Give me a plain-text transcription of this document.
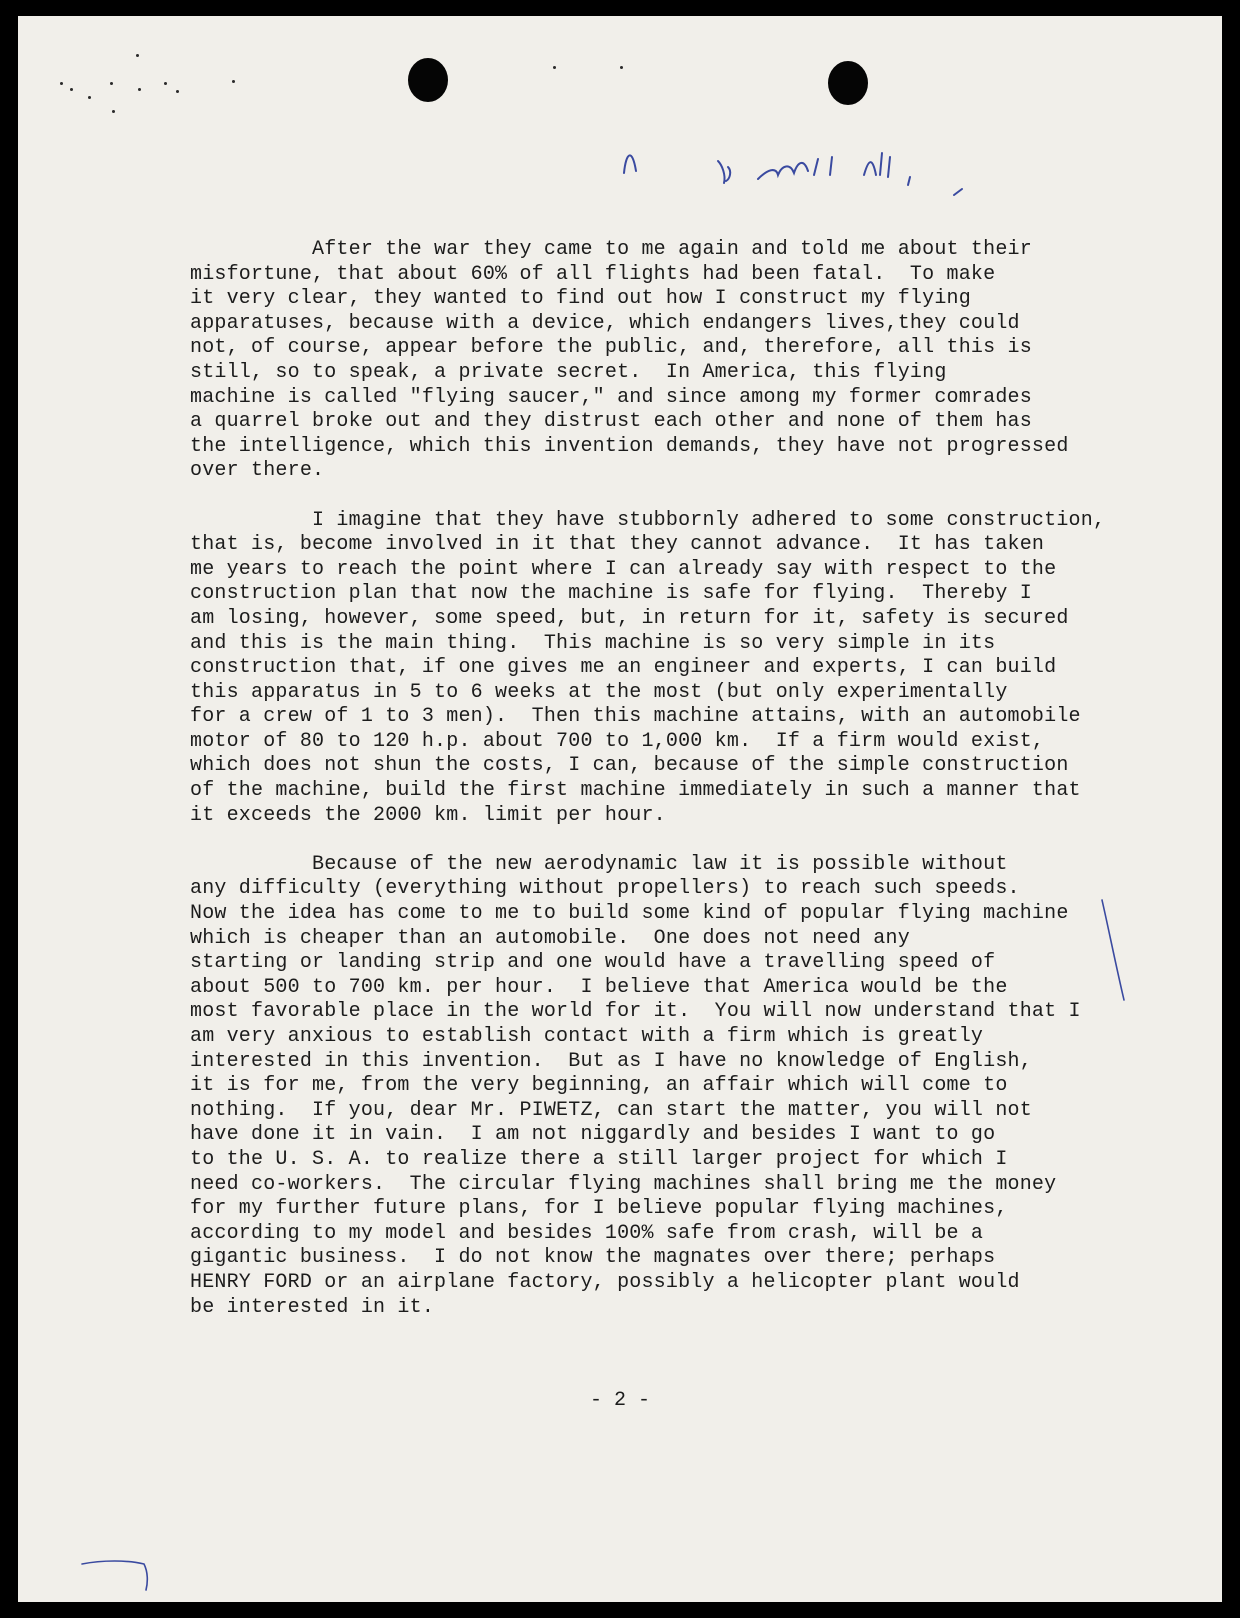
After the war they came to me again and told me about their
misfortune, that about 60% of all flights had been fatal.  To make
it very clear, they wanted to find out how I construct my flying
apparatuses, because with a device, which endangers lives,they could
not, of course, appear before the public, and, therefore, all this is
still, so to speak, a private secret.  In America, this flying
machine is called "flying saucer," and since among my former comrades
a quarrel broke out and they distrust each other and none of them has
the intelligence, which this invention demands, they have not progressed
over there.

I imagine that they have stubbornly adhered to some construction,
that is, become involved in it that they cannot advance.  It has taken
me years to reach the point where I can already say with respect to the
construction plan that now the machine is safe for flying.  Thereby I
am losing, however, some speed, but, in return for it, safety is secured
and this is the main thing.  This machine is so very simple in its
construction that, if one gives me an engineer and experts, I can build
this apparatus in 5 to 6 weeks at the most (but only experimentally
for a crew of 1 to 3 men).  Then this machine attains, with an automobile
motor of 80 to 120 h.p. about 700 to 1,000 km.  If a firm would exist,
which does not shun the costs, I can, because of the simple construction
of the machine, build the first machine immediately in such a manner that
it exceeds the 2000 km. limit per hour.

Because of the new aerodynamic law it is possible without
any difficulty (everything without propellers) to reach such speeds.
Now the idea has come to me to build some kind of popular flying machine
which is cheaper than an automobile.  One does not need any
starting or landing strip and one would have a travelling speed of
about 500 to 700 km. per hour.  I believe that America would be the
most favorable place in the world for it.  You will now understand that I
am very anxious to establish contact with a firm which is greatly
interested in this invention.  But as I have no knowledge of English,
it is for me, from the very beginning, an affair which will come to
nothing.  If you, dear Mr. PIWETZ, can start the matter, you will not
have done it in vain.  I am not niggardly and besides I want to go
to the U. S. A. to realize there a still larger project for which I
need co-workers.  The circular flying machines shall bring me the money
for my further future plans, for I believe popular flying machines,
according to my model and besides 100% safe from crash, will be a
gigantic business.  I do not know the magnates over there; perhaps
HENRY FORD or an airplane factory, possibly a helicopter plant would
be interested in it.

- 2 -
